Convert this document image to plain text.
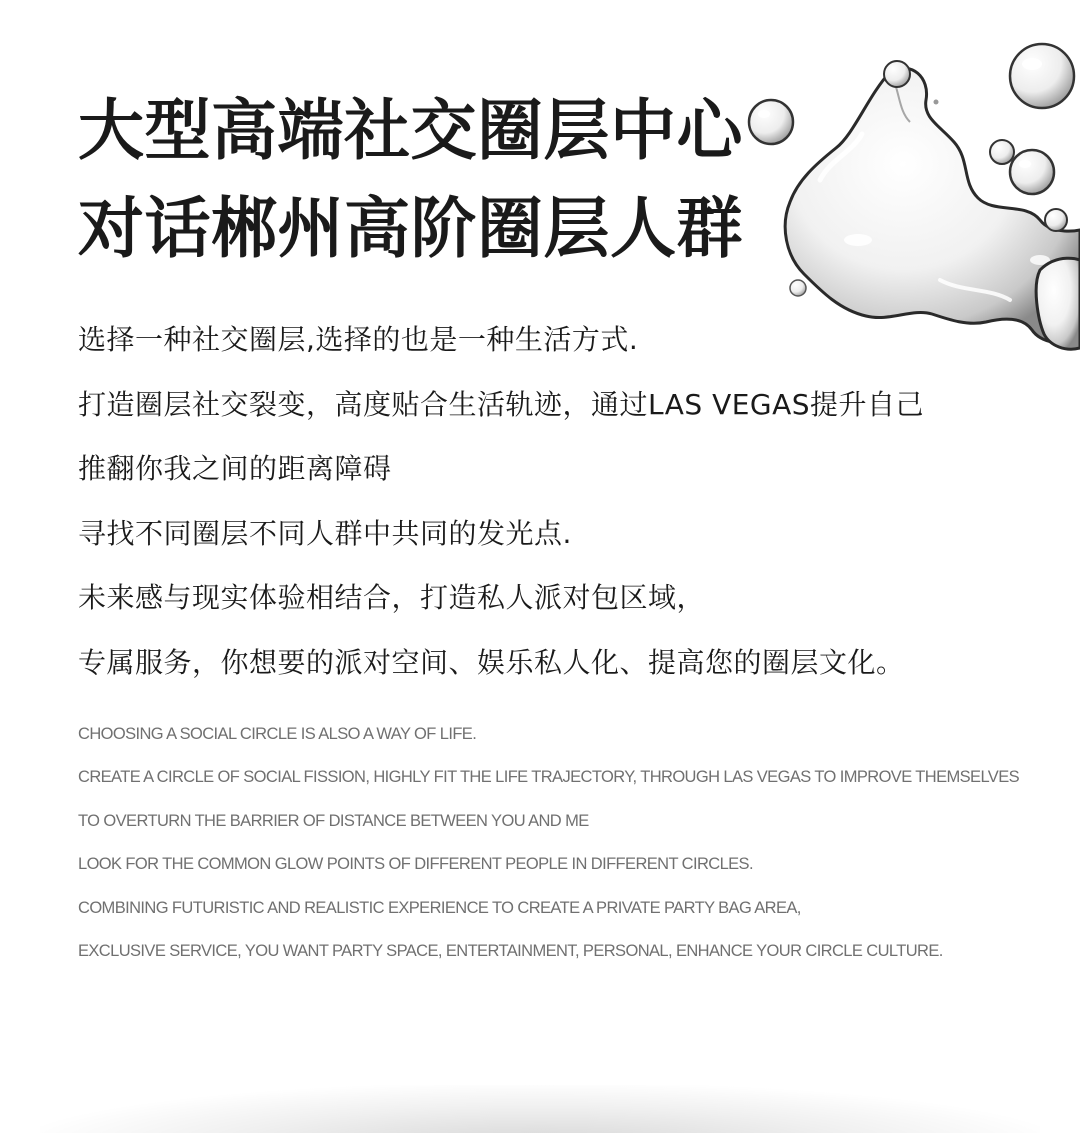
大型高端社交圈层中心
对话郴州高阶圈层人群
选择一种社交圈层,选择的也是一种生活方式.
打造圈层社交裂变，高度贴合生活轨迹，通过LAS VEGAS提升自己
推翻你我之间的距离障碍
寻找不同圈层不同人群中共同的发光点.
未来感与现实体验相结合，打造私人派对包区域，
专属服务，你想要的派对空间、娱乐私人化、提高您的圈层文化。
CHOOSING A SOCIAL CIRCLE IS ALSO A WAY OF LIFE.
CREATE A CIRCLE OF SOCIAL FISSION, HIGHLY FIT THE LIFE TRAJECTORY, THROUGH LAS VEGAS TO IMPROVE THEMSELVES
TO OVERTURN THE BARRIER OF DISTANCE BETWEEN YOU AND ME
LOOK FOR THE COMMON GLOW POINTS OF DIFFERENT PEOPLE IN DIFFERENT CIRCLES.
COMBINING FUTURISTIC AND REALISTIC EXPERIENCE TO CREATE A PRIVATE PARTY BAG AREA,
EXCLUSIVE SERVICE, YOU WANT PARTY SPACE, ENTERTAINMENT, PERSONAL, ENHANCE YOUR CIRCLE CULTURE.
